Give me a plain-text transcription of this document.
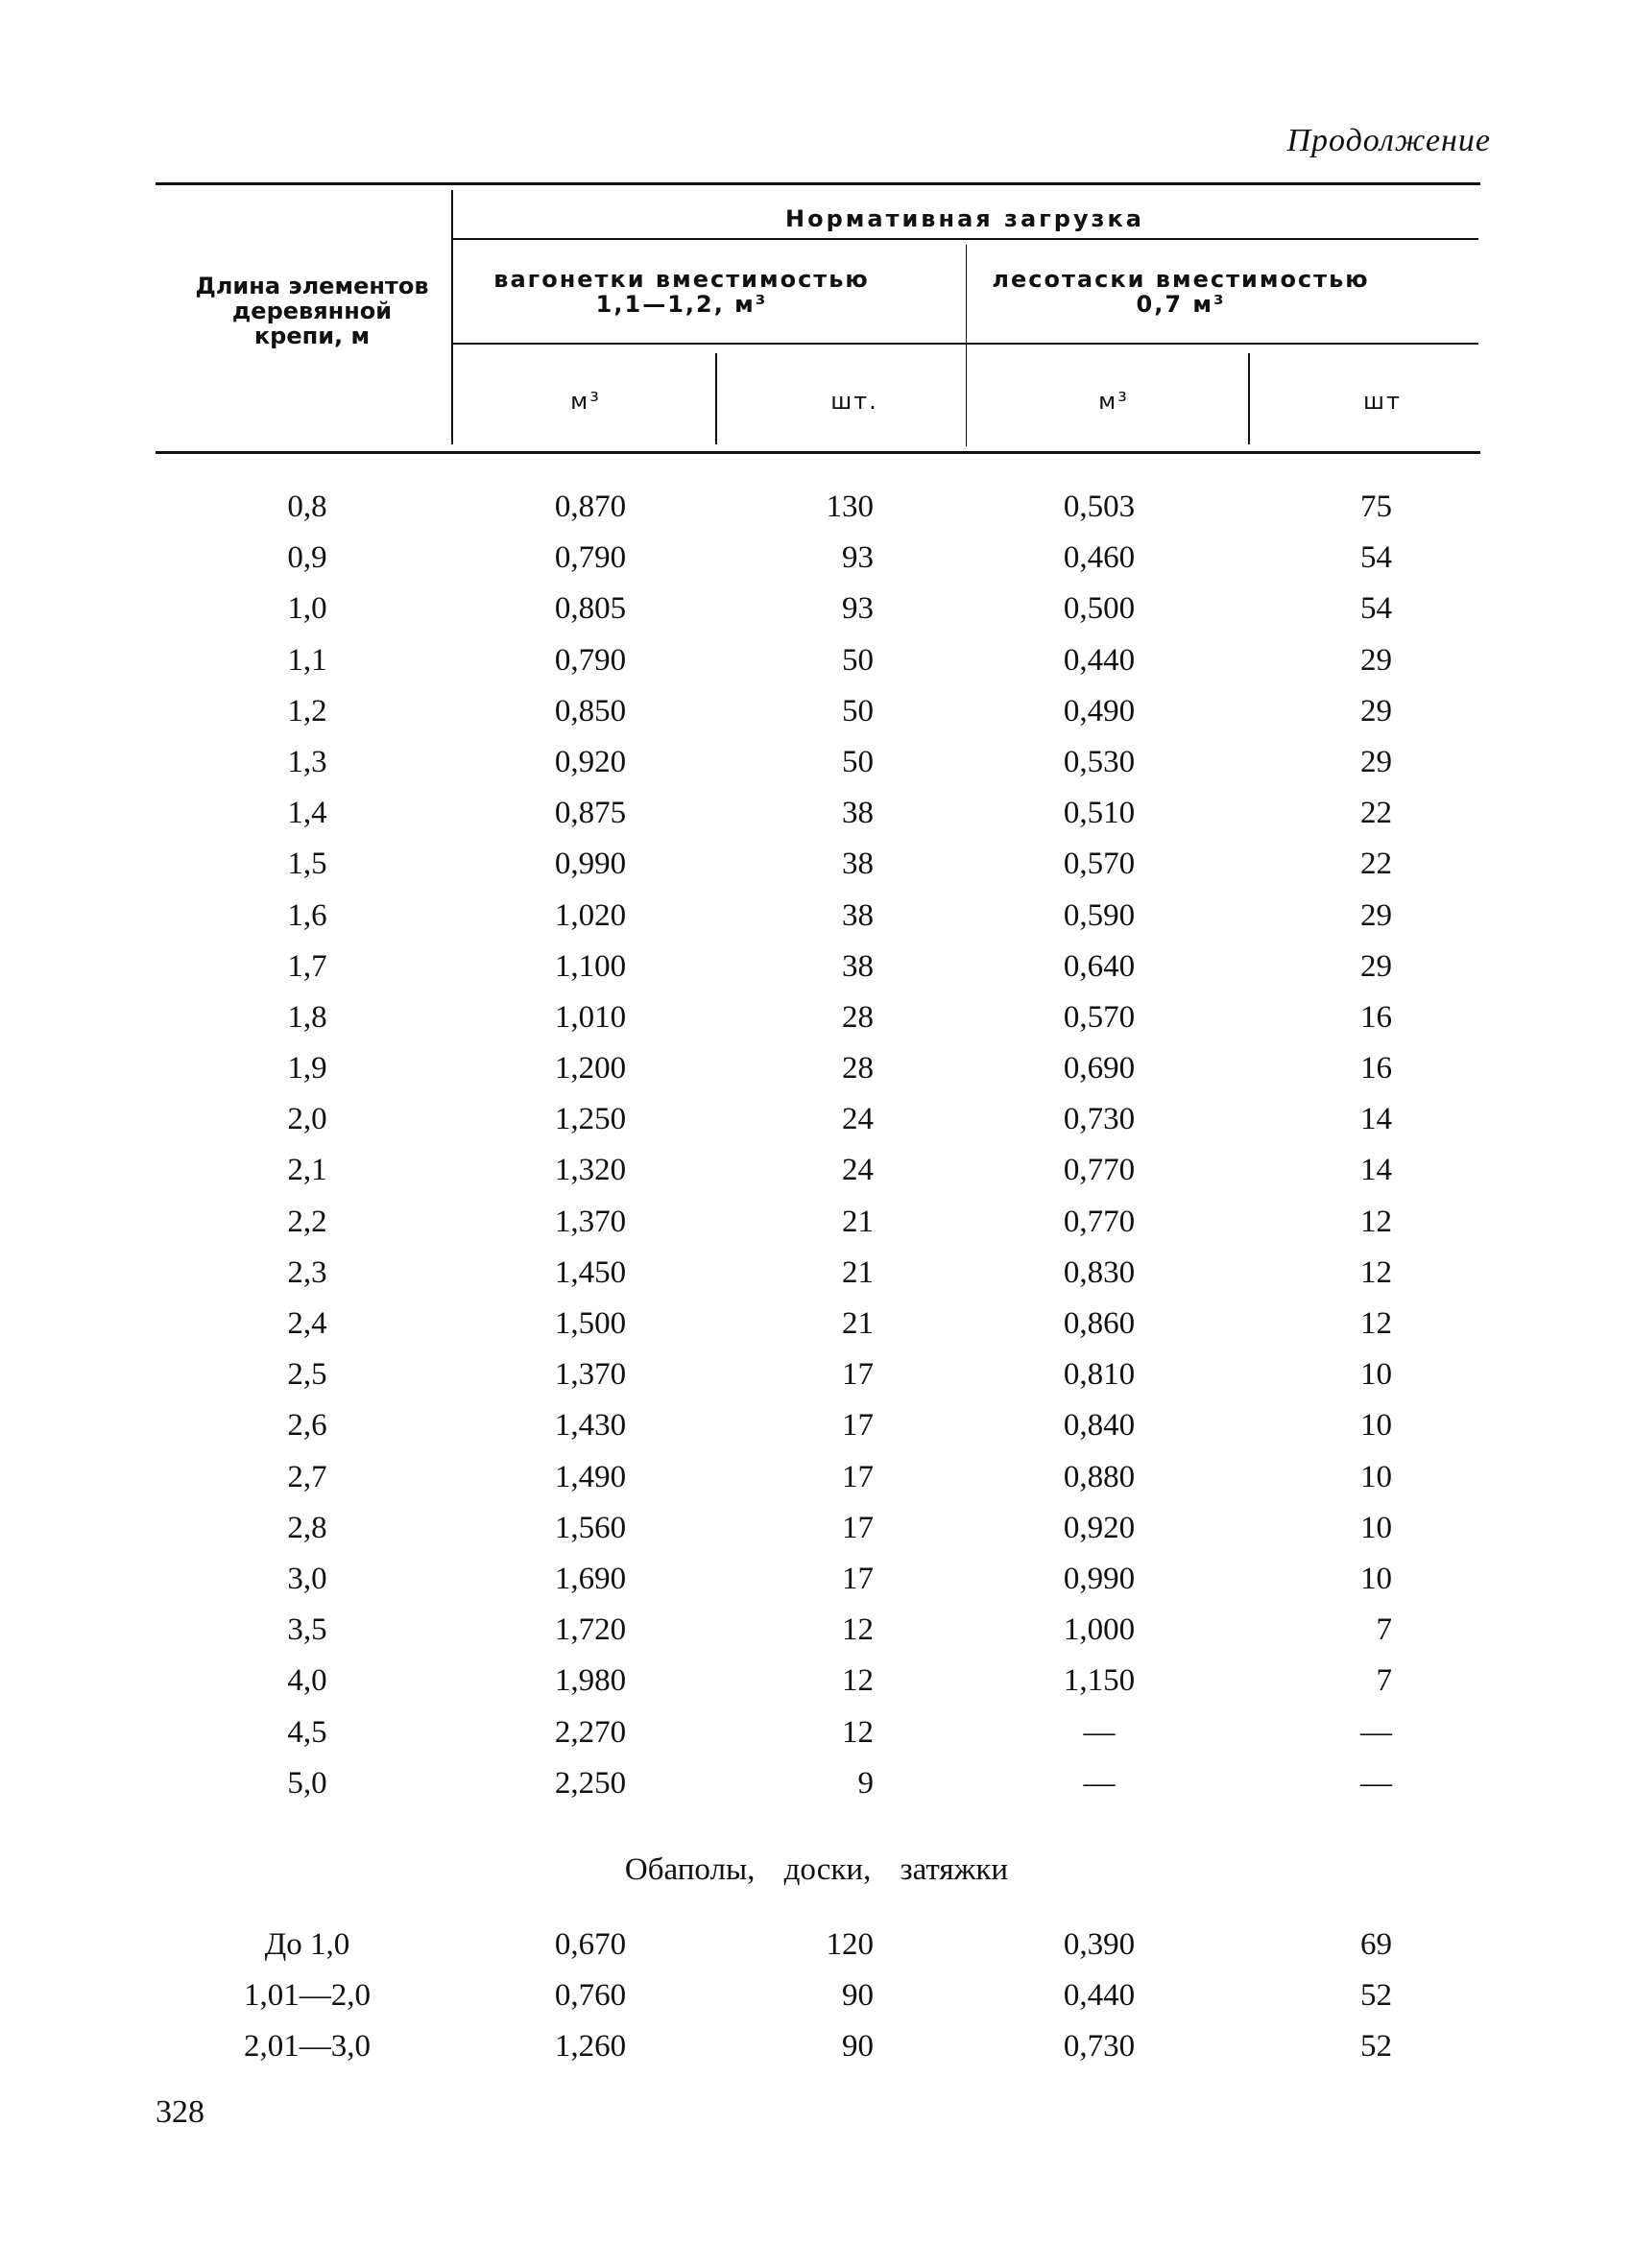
Продолжение
Длина элементов деревянной крепи, м
Нормативная загрузка
вагонетки вместимостью 1,1—1,2, м³
лесотаски вместимостью 0,7 м³
м³	шт.	м³	шт
0,8	0,870	130	0,503	75
0,9	0,790	93	0,460	54
1,0	0,805	93	0,500	54
1,1	0,790	50	0,440	29
1,2	0,850	50	0,490	29
1,3	0,920	50	0,530	29
1,4	0,875	38	0,510	22
1,5	0,990	38	0,570	22
1,6	1,020	38	0,590	29
1,7	1,100	38	0,640	29
1,8	1,010	28	0,570	16
1,9	1,200	28	0,690	16
2,0	1,250	24	0,730	14
2,1	1,320	24	0,770	14
2,2	1,370	21	0,770	12
2,3	1,450	21	0,830	12
2,4	1,500	21	0,860	12
2,5	1,370	17	0,810	10
2,6	1,430	17	0,840	10
2,7	1,490	17	0,880	10
2,8	1,560	17	0,920	10
3,0	1,690	17	0,990	10
3,5	1,720	12	1,000	7
4,0	1,980	12	1,150	7
4,5	2,270	12	—	—
5,0	2,250	9	—	—
Обаполы, доски, затяжки
До 1,0	0,670	120	0,390	69
1,01—2,0	0,760	90	0,440	52
2,01—3,0	1,260	90	0,730	52
328
